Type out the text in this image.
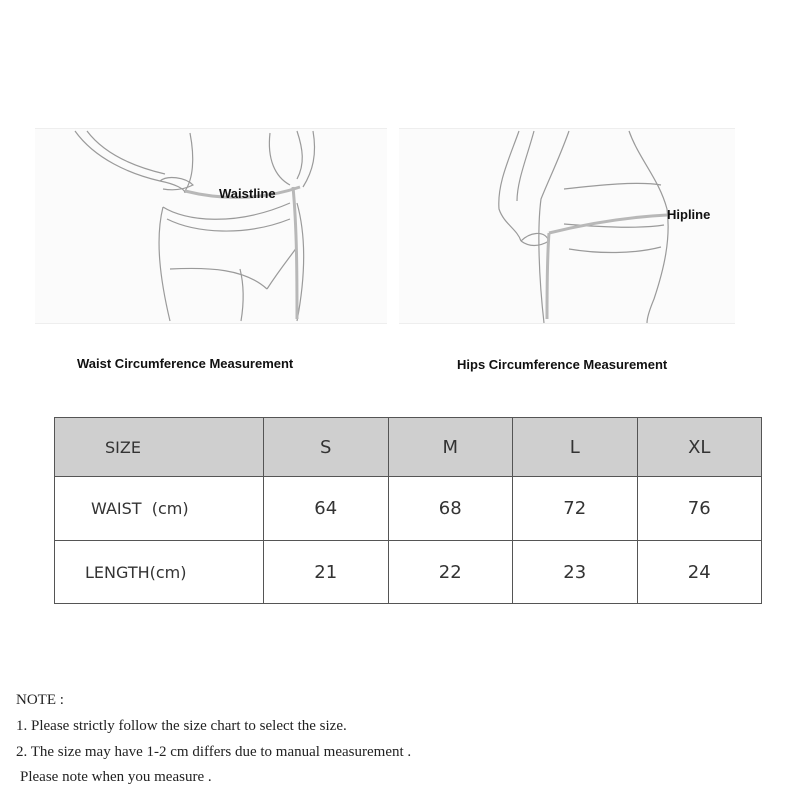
Waistline
Hipline
Waist Circumference Measurement	Hips Circumference Measurement
SIZE	S	M	L	XL
WAIST  (cm)	64	68	72	76
LENGTH(cm)	21	22	23	24
NOTE :
1. Please strictly follow the size chart to select the size.
2. The size may have 1-2 cm differs due to manual measurement .
Please note when you measure .
